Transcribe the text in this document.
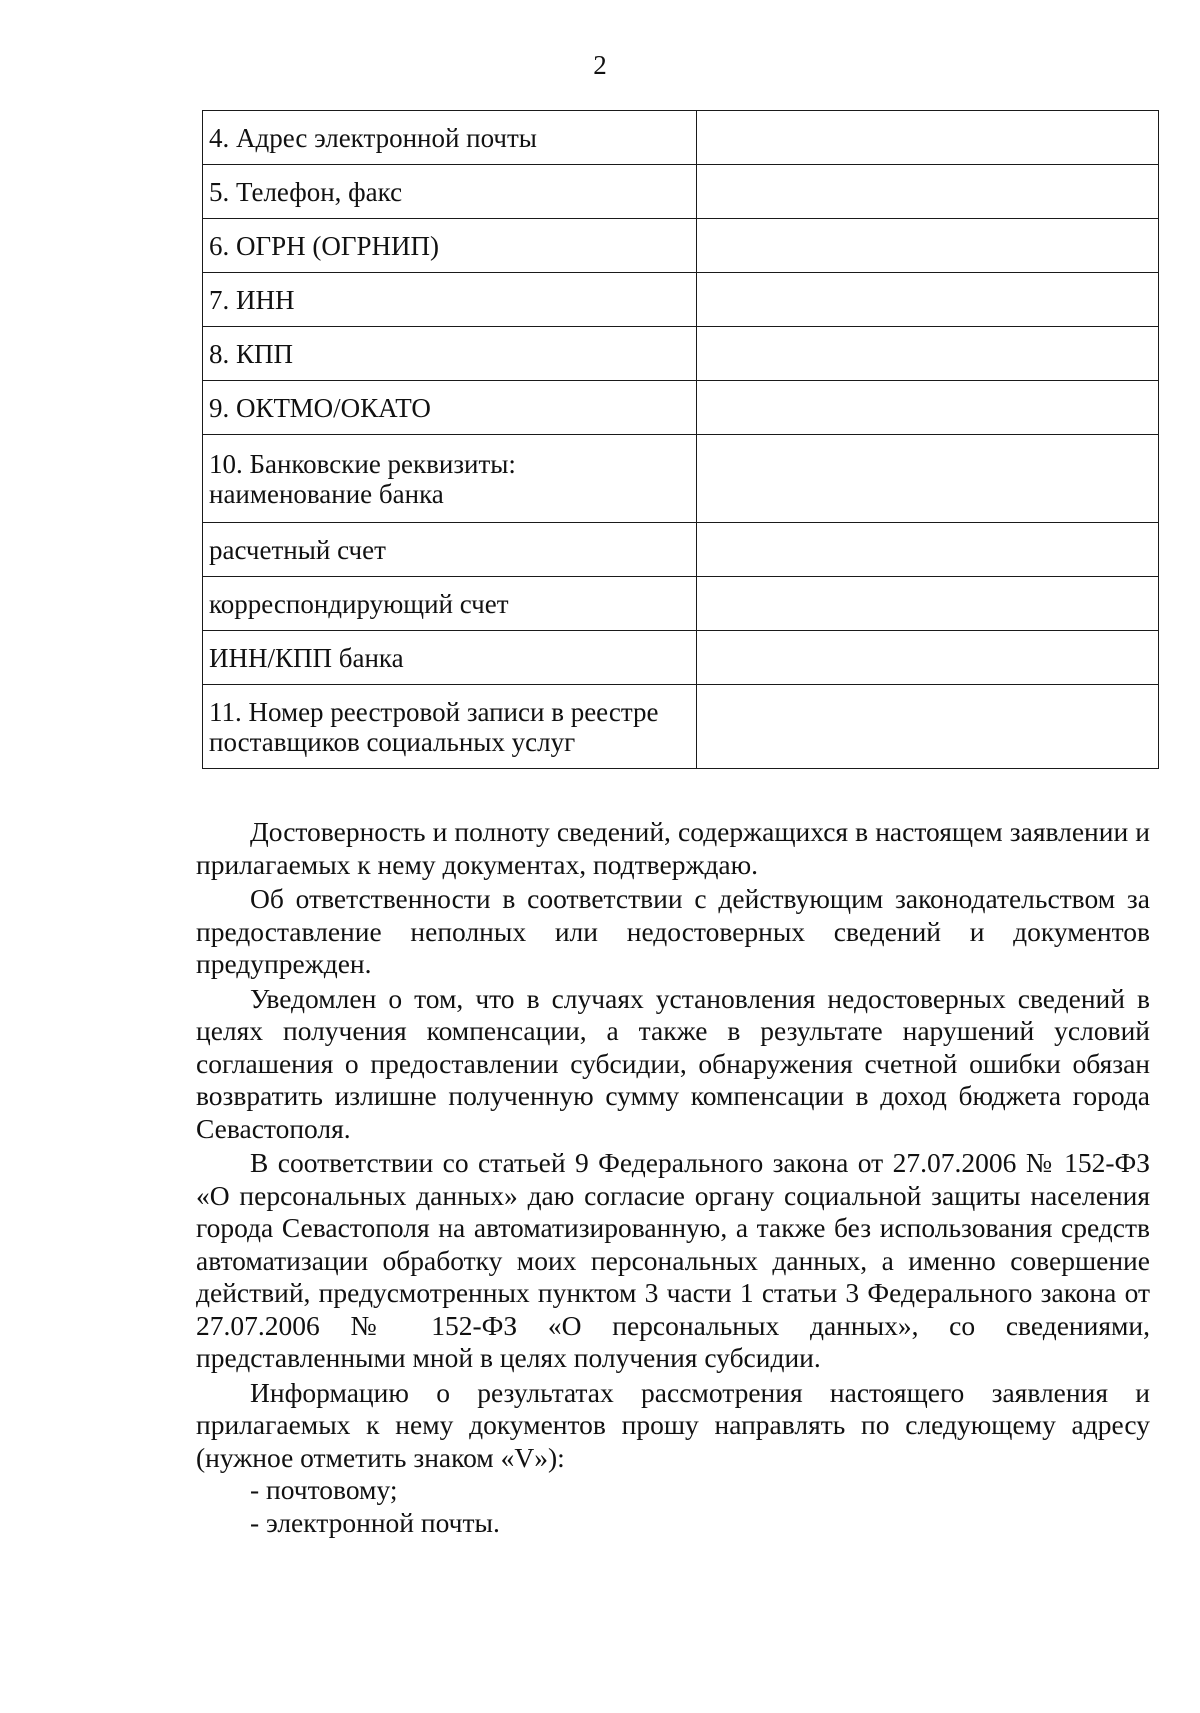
2
4. Адрес электронной почты	
5. Телефон, факс	
6. ОГРН (ОГРНИП)	
7. ИНН	
8. КПП	
9. ОКТМО/ОКАТО	
10. Банковские реквизиты:
наименование банка	
расчетный счет	
корреспондирующий счет	
ИНН/КПП банка	
11. Номер реестровой записи в реестре
поставщиков социальных услуг	

Достоверность и полноту сведений, содержащихся в настоящем заявлении и прилагаемых к нему документах, подтверждаю.

Об ответственности в соответствии с действующим законодательством за предоставление неполных или недостоверных сведений и документов предупрежден.

Уведомлен о том, что в случаях установления недостоверных сведений в целях получения компенсации, а также в результате нарушений условий соглашения о предоставлении субсидии, обнаружения счетной ошибки обязан возвратить излишне полученную сумму компенсации в доход бюджета города Севастополя.

В соответствии со статьей 9 Федерального закона от 27.07.2006 № 152-ФЗ «О персональных данных» даю согласие органу социальной защиты населения города Севастополя на автоматизированную, а также без использования средств автоматизации обработку моих персональных данных, а именно совершение действий, предусмотренных пунктом 3 части 1 статьи 3 Федерального закона от 27.07.2006 № 152-ФЗ «О персональных данных», со сведениями, представленными мной в целях получения субсидии.

Информацию о результатах рассмотрения настоящего заявления и прилагаемых к нему документов прошу направлять по следующему адресу (нужное отметить знаком «V»):

- почтовому;

- электронной почты.
